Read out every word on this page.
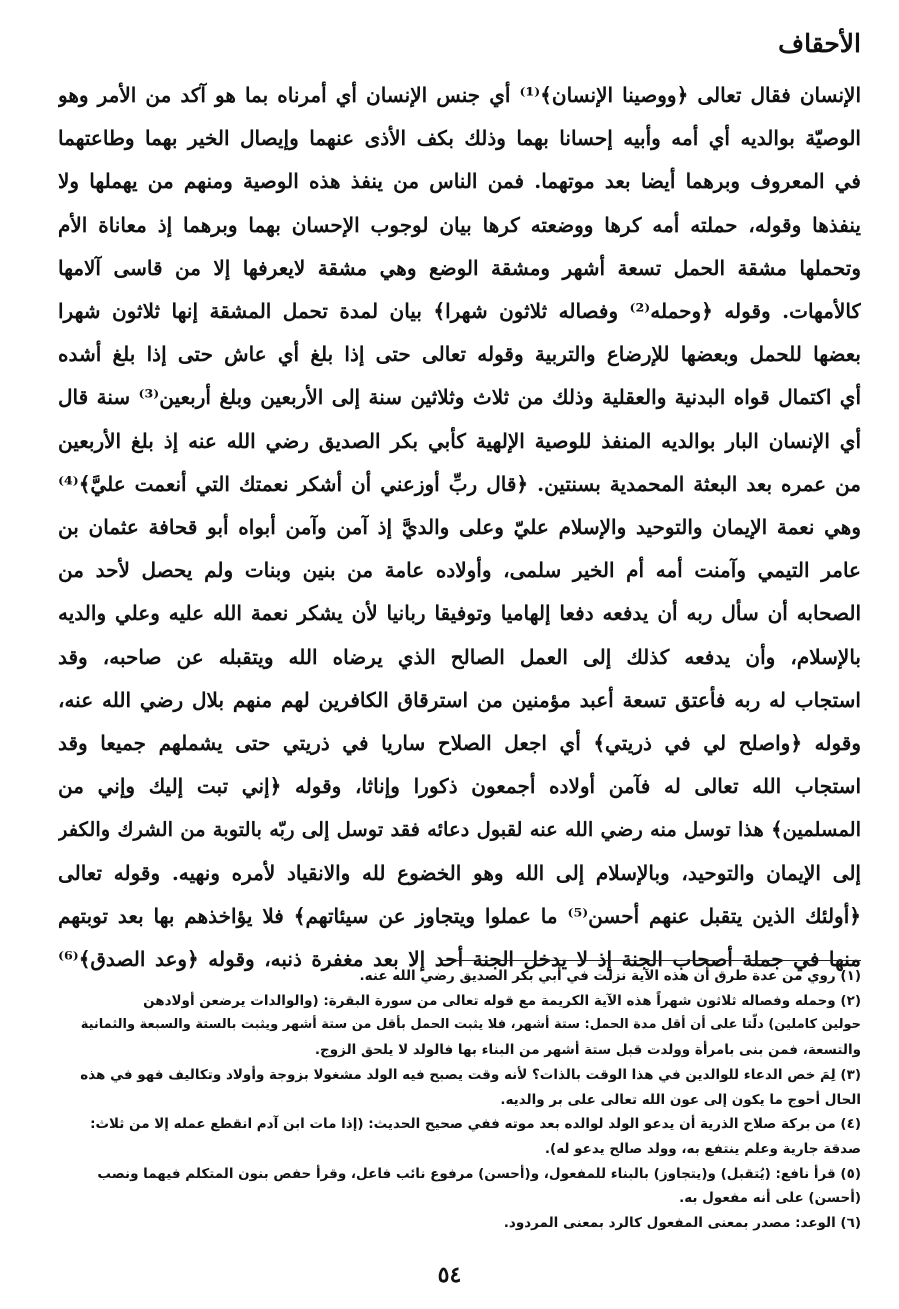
الأحقاف
الإنسان فقال تعالى ﴿ووصينا الإنسان﴾⁽¹⁾ أي جنس الإنسان أي أمرناه بما هو آكد من الأمر وهو
الوصيّة بوالديه أي أمه وأبيه إحسانا بهما وذلك بكف الأذى عنهما وإيصال الخير بهما وطاعتهما
في المعروف وبرهما أيضا بعد موتهما. فمن الناس من ينفذ هذه الوصية ومنهم من يهملها ولا
ينفذها وقوله، حملته أمه كرها ووضعته كرها بيان لوجوب الإحسان بهما وبرهما إذ معاناة الأم
وتحملها مشقة الحمل تسعة أشهر ومشقة الوضع وهي مشقة لايعرفها إلا من قاسى آلامها
كالأمهات. وقوله ﴿وحمله⁽²⁾ وفصاله ثلاثون شهرا﴾ بيان لمدة تحمل المشقة إنها ثلاثون شهرا
بعضها للحمل وبعضها للإرضاع والتربية وقوله تعالى حتى إذا بلغ أي عاش حتى إذا بلغ أشده
أي اكتمال قواه البدنية والعقلية وذلك من ثلاث وثلاثين سنة إلى الأربعين وبلغ أربعين⁽³⁾ سنة قال
أي الإنسان البار بوالديه المنفذ للوصية الإلهية كأبي بكر الصديق رضي الله عنه إذ بلغ الأربعين
من عمره بعد البعثة المحمدية بسنتين. ﴿قال ربِّ أوزعني أن أشكر نعمتك التي أنعمت عليَّ﴾⁽⁴⁾
وهي نعمة الإيمان والتوحيد والإسلام عليّ وعلى والديَّ إذ آمن وآمن أبواه أبو قحافة عثمان بن
عامر التيمي وآمنت أمه أم الخير سلمى، وأولاده عامة من بنين وبنات ولم يحصل لأحد من
الصحابه أن سأل ربه أن يدفعه دفعا إلهاميا وتوفيقا ربانيا لأن يشكر نعمة الله عليه وعلي والديه
بالإسلام، وأن يدفعه كذلك إلى العمل الصالح الذي يرضاه الله ويتقبله عن صاحبه، وقد
استجاب له ربه فأعتق تسعة أعبد مؤمنين من استرقاق الكافرين لهم منهم بلال رضي الله عنه،
وقوله ﴿واصلح لي في ذريتي﴾ أي اجعل الصلاح ساريا في ذريتي حتى يشملهم جميعا وقد
استجاب الله تعالى له فآمن أولاده أجمعون ذكورا وإناثا، وقوله ﴿إني تبت إليك وإني من
المسلمين﴾ هذا توسل منه رضي الله عنه لقبول دعائه فقد توسل إلى ربّه بالتوبة من الشرك والكفر
إلى الإيمان والتوحيد، وبالإسلام إلى الله وهو الخضوع لله والانقياد لأمره ونهيه. وقوله تعالى
﴿أولئك الذين يتقبل عنهم أحسن⁽⁵⁾ ما عملوا ويتجاوز عن سيئاتهم﴾ فلا يؤاخذهم بها بعد توبتهم
منها في جملة أصحاب الجنة إذ لا يدخل الجنة أحد إلا بعد مغفرة ذنبه، وقوله ﴿وعد الصدق﴾⁽⁶⁾
(١) روي من عدة طرق أن هذه الآية نزلت في أبي بكر الصديق رضي الله عنه.
(٢) وحمله وفصاله ثلاثون شهراً هذه الآية الكريمة مع قوله تعالى من سورة البقرة: (والوالدات يرضعن أولادهن
حولين كاملين) دلّتا على أن أقل مدة الحمل: ستة أشهر، فلا يثبت الحمل بأقل من ستة أشهر ويثبت بالستة والسبعة والثمانية
والتسعة، فمن بنى بامرأة وولدت قبل ستة أشهر من البناء بها فالولد لا يلحق الزوج.
(٣) لِمَ خص الدعاء للوالدين في هذا الوقت بالذات؟ لأنه وقت يصبح فيه الولد مشغولا بزوجة وأولاد وتكاليف فهو في هذه
الحال أحوج ما يكون إلى عون الله تعالى على بر والديه.
(٤) من بركة صلاح الذرية أن يدعو الولد لوالده بعد موته ففي صحيح الحديث: (إذا مات ابن آدم انقطع عمله إلا من ثلاث:
صدقة جارية وعلم ينتفع به، وولد صالح يدعو له).
(٥) قرأ نافع: (يُتقبل) و(يتجاوز) بالبناء للمفعول، و(أحسن) مرفوع نائب فاعل، وقرأ حفص بنون المتكلم فيهما ونصب
(أحسن) على أنه مفعول به.
(٦) الوعد: مصدر بمعنى المفعول كالرد بمعنى المردود.
٥٤
